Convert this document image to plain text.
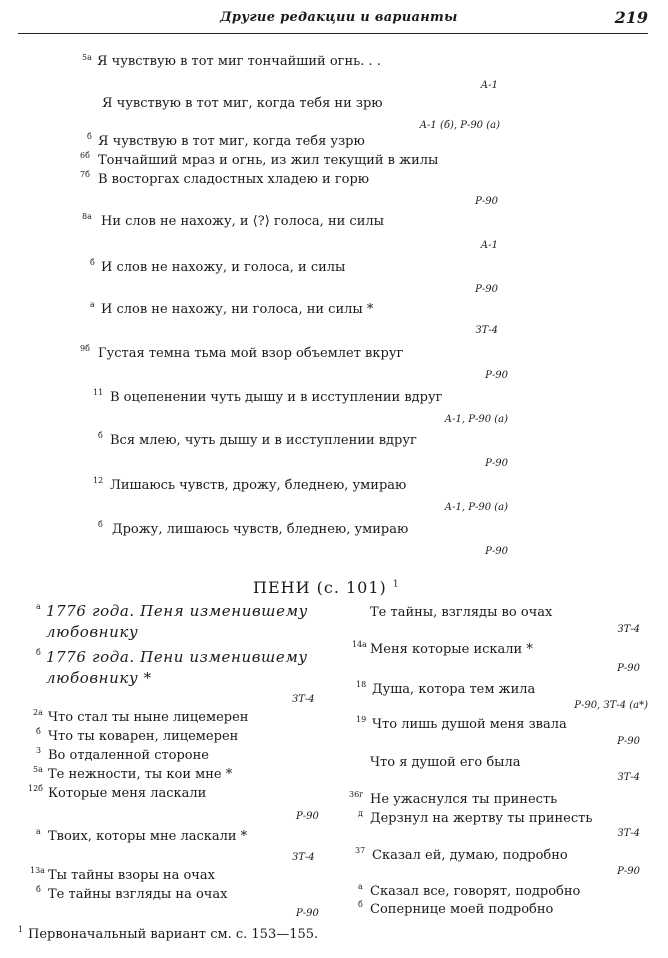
Другие редакции и варианты	219
5а Я чувствую в тот миг тончайший огнь. . .
А-1
Я чувствую в тот миг, когда тебя ни зрю
А-1 (б), Р-90 (а)
б Я чувствую в тот миг, когда тебя узрю
6б Тончайший мраз и огнь, из жил текущий в жилы
7б В восторгах сладостных хладею и горю
Р-90
8а Ни слов не нахожу, и ⟨?⟩ голоса, ни силы
А-1
б И слов не нахожу, и голоса, и силы
Р-90
а И слов не нахожу, ни голоса, ни силы *
ЗТ-4
9б Густая темна тьма мой взор объемлет вкруг
Р-90
11 В оцепенении чуть дышу и в исступлении вдруг
А-1, Р-90 (а)
б Вся млею, чуть дышу и в исступлении вдруг
Р-90
12 Лишаюсь чувств, дрожу, бледнею, умираю
А-1, Р-90 (а)
б Дрожу, лишаюсь чувств, бледнею, умираю
Р-90
ПЕНИ (с. 101) $^1$
а 1776 года. Пеня изменившему
любовнику
б 1776 года. Пени изменившему
любовнику *
ЗТ-4
2а Что стал ты ныне лицемерен
б Что ты коварен, лицемерен
3 Во отдаленной стороне
5а Те нежности, ты кои мне *
12б Которые меня ласкали
Р-90
а Твоих, которы мне ласкали *
ЗТ-4
13а Ты тайны взоры на очах
б Те тайны взгляды на очах
Р-90
Те тайны, взгляды во очах
ЗТ-4
14а Меня которые искали *
Р-90
18 Душа, котора тем жила
Р-90, ЗТ-4 (а*)
19 Что лишь душой меня звала
Р-90
Что я душой его была
ЗТ-4
36г Не ужаснулся ты принесть
д Дерзнул на жертву ты принесть
ЗТ-4
37 Сказал ей, думаю, подробно
Р-90
а Сказал все, говорят, подробно
б Сопернице моей подробно
1 Первоначальный вариант см. с. 153—155.
